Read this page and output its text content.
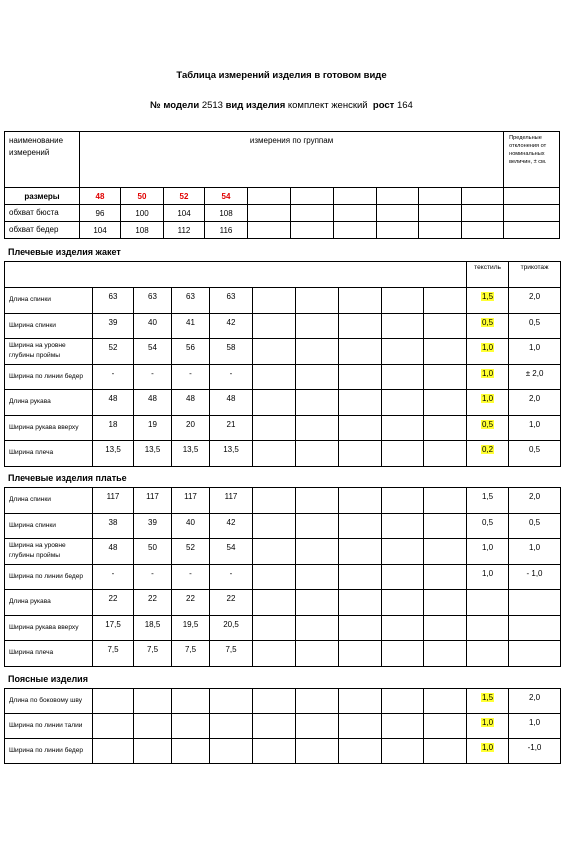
Таблица измерений изделия в готовом виде
№ модели 2513 вид изделия комплект женский рост 164
наименование измерений	измерения по группам										Предельные отклонения от номинальных величин, ± см.
размеры	48	50	52	54							
обхват бюста	96	100	104	108							
обхват бедер	104	108	112	116							
Плечевые изделия жакет
										текстиль	трикотаж
Длина спинки	63	63	63	63						1,5	2,0
Ширина спинки	39	40	41	42						0,5	0,5
Ширина на уровне глубины проймы	52	54	56	58						1,0	1,0
Ширина по линии бедер	-	-	-	-						1,0	± 2,0
Длина рукава	48	48	48	48						1,0	2,0
Ширина рукава вверху	18	19	20	21						0,5	1,0
Ширина плеча	13,5	13,5	13,5	13,5						0,2	0,5
Плечевые изделия платье
Длина спинки	117	117	117	117						1,5	2,0
Ширина спинки	38	39	40	42						0,5	0,5
Ширина на уровне глубины проймы	48	50	52	54						1,0	1,0
Ширина по линии бедер	-	-	-	-						1,0	- 1,0
Длина рукава	22	22	22	22							
Ширина рукава вверху	17,5	18,5	19,5	20,5							
Ширина плеча	7,5	7,5	7,5	7,5							
Поясные изделия
Длина по боковому шву										1,5	2,0
Ширина по линии талии										1,0	1,0
Ширина по линии бедер										1,0	-1,0
